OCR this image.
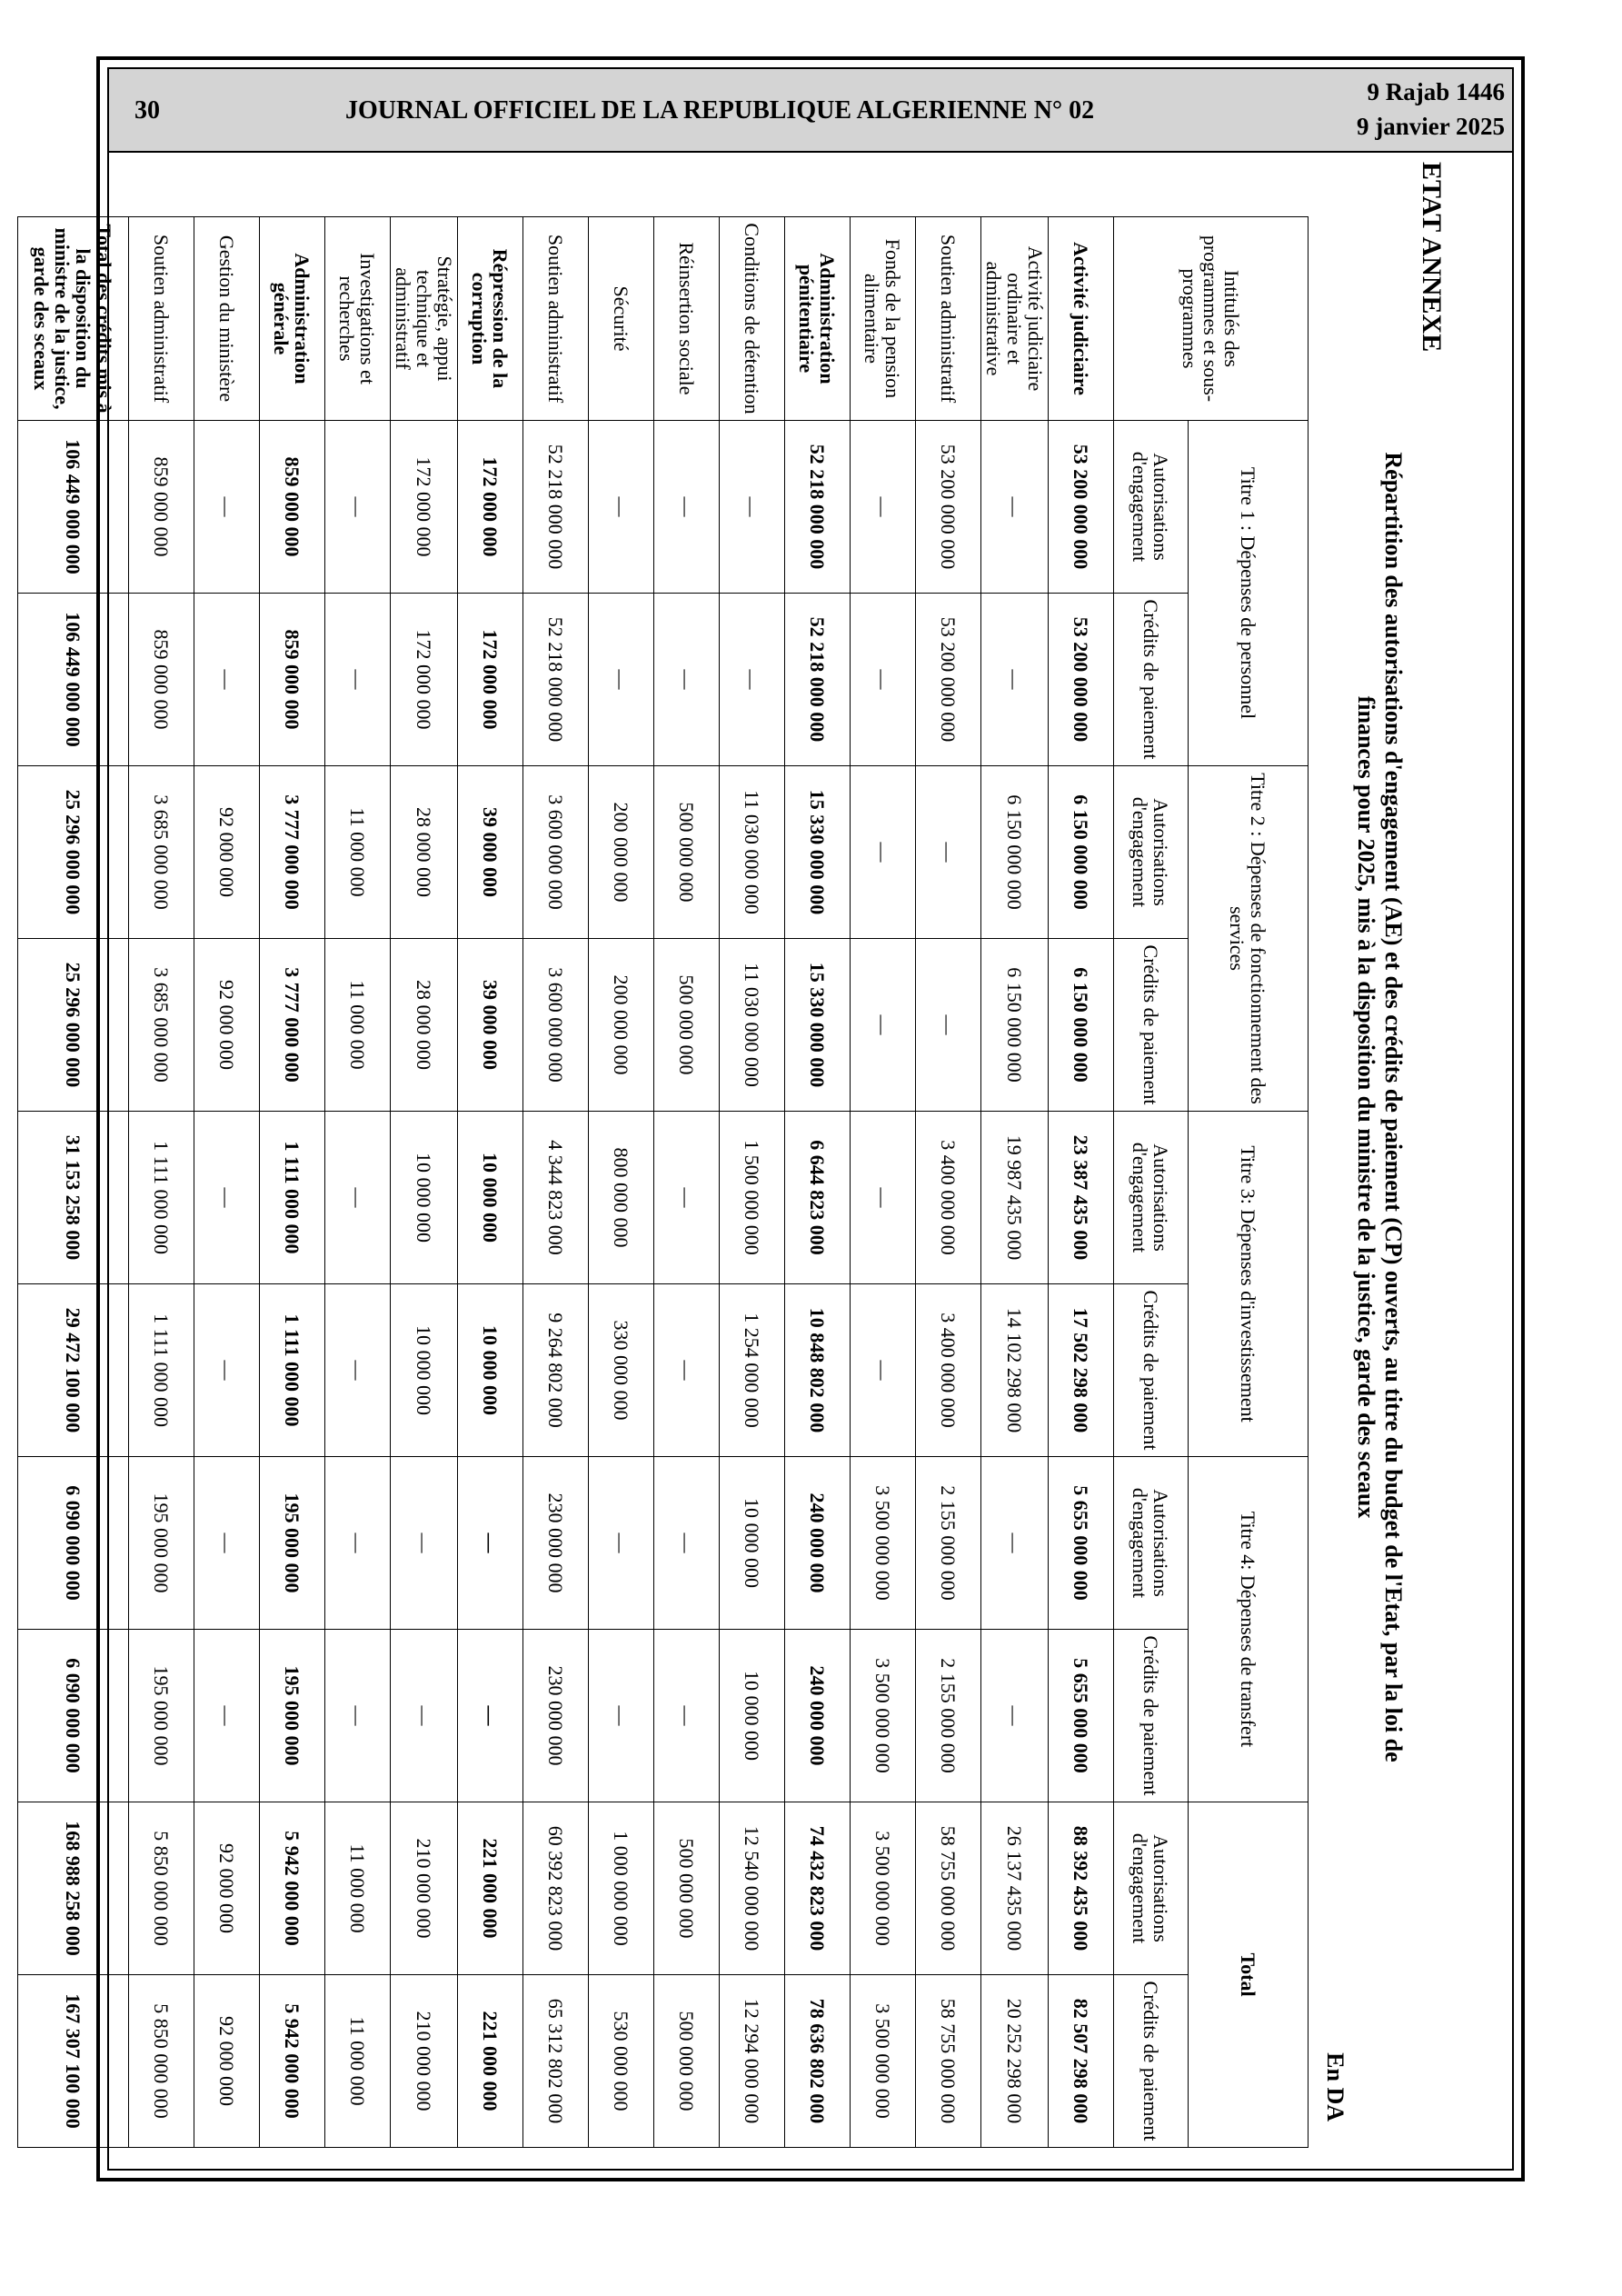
30	JOURNAL OFFICIEL DE LA REPUBLIQUE ALGERIENNE N° 02
9 Rajab 1446
9 janvier 2025
ETAT ANNEXE
Répartition des autorisations d'engagement (AE) et des crédits de paiement (CP) ouverts, au titre du budget de l'Etat, par la loi de finances pour 2025, mis à la disposition du ministre de la justice, garde des sceaux
En DA
Intitulés des programmes et sous-programmes	Titre 1 : Dépenses de personnel		Titre 2 : Dépenses de fonctionnement des services		Titre 3: Dépenses d'investissement		Titre 4: Dépenses de transfert		Total	
	Autorisations d'engagement	Crédits de paiement	Autorisations d'engagement	Crédits de paiement	Autorisations d'engagement	Crédits de paiement	Autorisations d'engagement	Crédits de paiement	Autorisations d'engagement	Crédits de paiement
Activité judiciaire	53 200 000 000	53 200 000 000	6 150 000 000	6 150 000 000	23 387 435 000	17 502 298 000	5 655 000 000	5 655 000 000	88 392 435 000	82 507 298 000
Activité judiciaire ordinaire et administrative	—	—	6 150 000 000	6 150 000 000	19 987 435 000	14 102 298 000	—	—	26 137 435 000	20 252 298 000
Soutien administratif	53 200 000 000	53 200 000 000	—	—	3 400 000 000	3 400 000 000	2 155 000 000	2 155 000 000	58 755 000 000	58 755 000 000
Fonds de la pension alimentaire	—	—	—	—	—	—	3 500 000 000	3 500 000 000	3 500 000 000	3 500 000 000
Administration pénitentiaire	52 218 000 000	52 218 000 000	15 330 000 000	15 330 000 000	6 644 823 000	10 848 802 000	240 000 000	240 000 000	74 432 823 000	78 636 802 000
Conditions de détention	—	—	11 030 000 000	11 030 000 000	1 500 000 000	1 254 000 000	10 000 000	10 000 000	12 540 000 000	12 294 000 000
Réinsertion sociale	—	—	500 000 000	500 000 000	—	—	—	—	500 000 000	500 000 000
Sécurité	—	—	200 000 000	200 000 000	800 000 000	330 000 000	—	—	1 000 000 000	530 000 000
Soutien administratif	52 218 000 000	52 218 000 000	3 600 000 000	3 600 000 000	4 344 823 000	9 264 802 000	230 000 000	230 000 000	60 392 823 000	65 312 802 000
Répression de la corruption	172 000 000	172 000 000	39 000 000	39 000 000	10 000 000	10 000 000	—	—	221 000 000	221 000 000
Stratégie, appui technique et administratif	172 000 000	172 000 000	28 000 000	28 000 000	10 000 000	10 000 000	—	—	210 000 000	210 000 000
Investigations et recherches	—	—	11 000 000	11 000 000	—	—	—	—	11 000 000	11 000 000
Administration générale	859 000 000	859 000 000	3 777 000 000	3 777 000 000	1 111 000 000	1 111 000 000	195 000 000	195 000 000	5 942 000 000	5 942 000 000
Gestion du ministère	—	—	92 000 000	92 000 000	—	—	—	—	92 000 000	92 000 000
Soutien administratif	859 000 000	859 000 000	3 685 000 000	3 685 000 000	1 111 000 000	1 111 000 000	195 000 000	195 000 000	5 850 000 000	5 850 000 000
Total des crédits mis à la disposition du ministre de la justice, garde des sceaux	106 449 000 000	106 449 000 000	25 296 000 000	25 296 000 000	31 153 258 000	29 472 100 000	6 090 000 000	6 090 000 000	168 988 258 000	167 307 100 000
